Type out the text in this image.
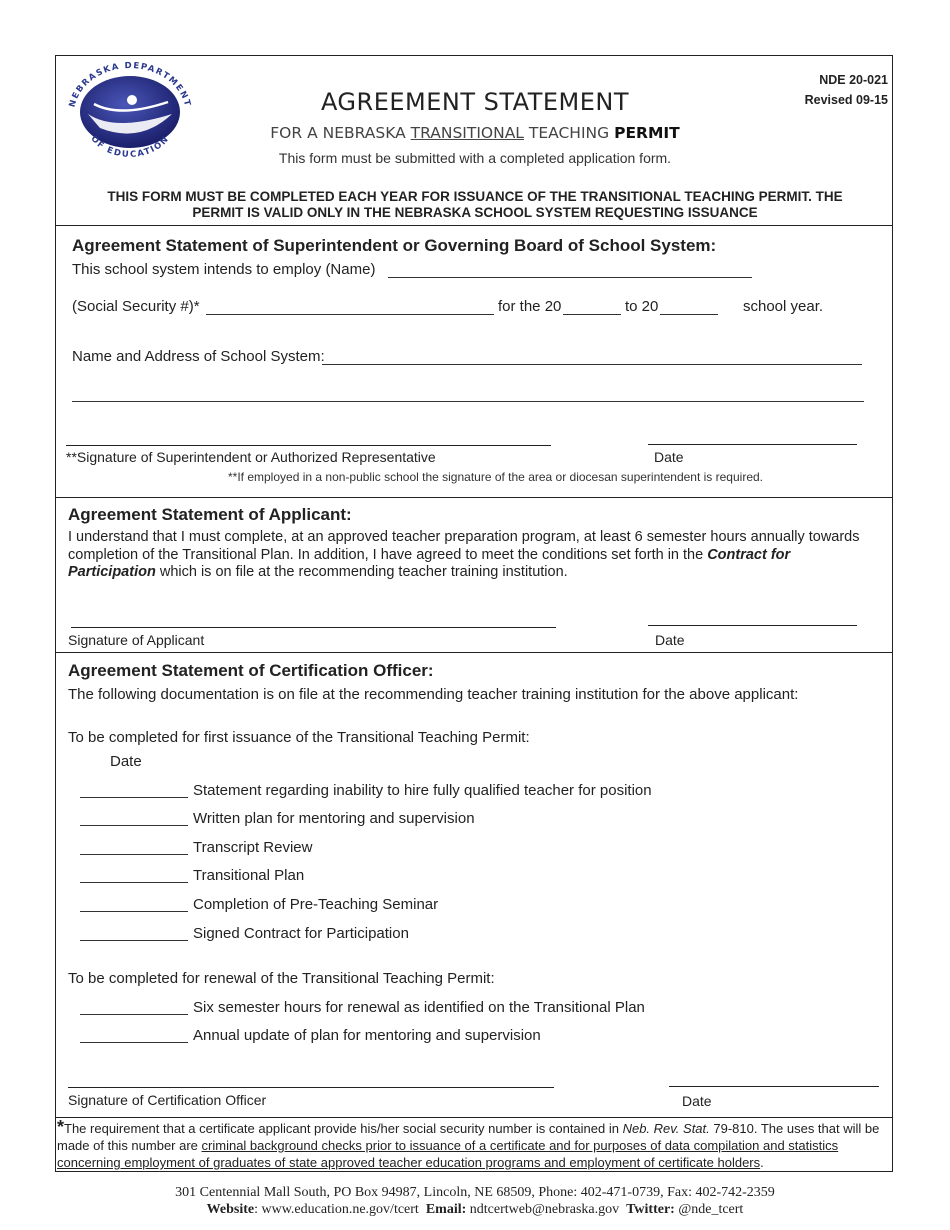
NEBRASKA DEPARTMENT
OF EDUCATION
NDE 20-021
Revised 09-15
AGREEMENT STATEMENT
FOR A NEBRASKA TRANSITIONAL TEACHING PERMIT
This form must be submitted with a completed application form.
THIS FORM MUST BE COMPLETED EACH YEAR FOR ISSUANCE OF THE TRANSITIONAL TEACHING PERMIT. THE
PERMIT IS VALID ONLY IN THE NEBRASKA SCHOOL SYSTEM REQUESTING ISSUANCE
Agreement Statement of Superintendent or Governing Board of School System:
This school system intends to employ (Name)
(Social Security #)*	for the 20	to 20	school year.
Name and Address of School System:
**Signature of Superintendent or Authorized Representative	Date
**If employed in a non-public school the signature of the area or diocesan superintendent is required.
Agreement Statement of Applicant:
I understand that I must complete, at an approved teacher preparation program, at least 6 semester hours annually towards completion of the Transitional Plan. In addition, I have agreed to meet the conditions set forth in the Contract for Participation which is on file at the recommending teacher training institution.
Signature of Applicant	Date
Agreement Statement of Certification Officer:
The following documentation is on file at the recommending teacher training institution for the above applicant:
To be completed for first issuance of the Transitional Teaching Permit:
Date
Statement regarding inability to hire fully qualified teacher for position
Written plan for mentoring and supervision
Transcript Review
Transitional Plan
Completion of Pre-Teaching Seminar
Signed Contract for Participation
To be completed for renewal of the Transitional Teaching Permit:
Six semester hours for renewal as identified on the Transitional Plan
Annual update of plan for mentoring and supervision
Signature of Certification Officer	Date
*The requirement that a certificate applicant provide his/her social security number is contained in Neb. Rev. Stat. 79-810. The uses that will be made of this number are criminal background checks prior to issuance of a certificate and for purposes of data compilation and statistics concerning employment of graduates of state approved teacher education programs and employment of certificate holders.
301 Centennial Mall South, PO Box 94987, Lincoln, NE 68509, Phone: 402-471-0739, Fax: 402-742-2359
Website: www.education.ne.gov/tcert Email: ndtcertweb@nebraska.gov Twitter: @nde_tcert
